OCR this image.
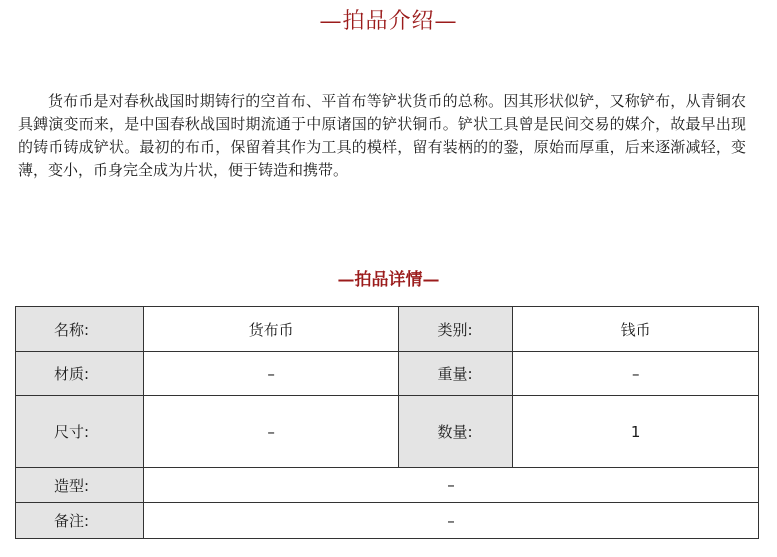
—拍品介绍—

货布币是对春秋战国时期铸行的空首布、平首布等铲状货币的总称。因其形状似铲，又称铲布，从青铜农具鎛演变而来，是中国春秋战国时期流通于中原诸国的铲状铜币。铲状工具曾是民间交易的媒介，故最早出现的铸币铸成铲状。最初的布币，保留着其作为工具的模样，留有装柄的的銎，原始而厚重，后来逐渐减轻，变薄，变小，币身完全成为片状，便于铸造和携带。

—拍品详情—
名称:	货布币	类别:	钱币
材质:	–	重量:	–
尺寸:	–	数量:	1
造型:	–		
备注:	–		
